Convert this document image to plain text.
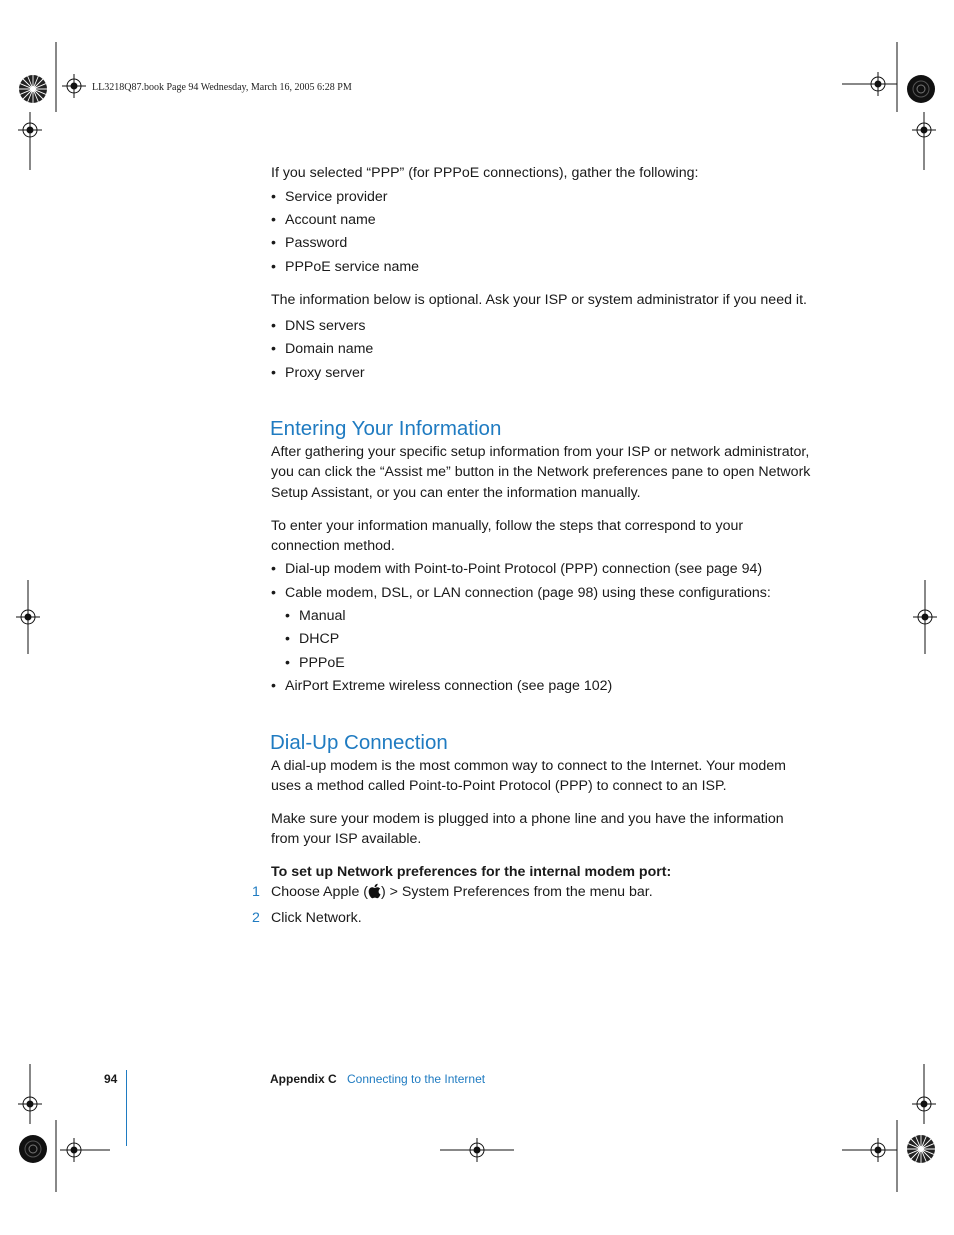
LL3218Q87.book Page 94 Wednesday, March 16, 2005 6:28 PM
If you selected “PPP” (for PPPoE connections), gather the following:
• Service provider
• Account name
• Password
• PPPoE service name
The information below is optional. Ask your ISP or system administrator if you need it.
• DNS servers
• Domain name
• Proxy server
Entering Your Information
After gathering your specific setup information from your ISP or network administrator, you can click the “Assist me” button in the Network preferences pane to open Network Setup Assistant, or you can enter the information manually.
To enter your information manually, follow the steps that correspond to your connection method.
• Dial-up modem with Point-to-Point Protocol (PPP) connection (see page 94)
• Cable modem, DSL, or LAN connection (page 98) using these configurations:
• Manual
• DHCP
• PPPoE
• AirPort Extreme wireless connection (see page 102)
Dial-Up Connection
A dial-up modem is the most common way to connect to the Internet. Your modem uses a method called Point-to-Point Protocol (PPP) to connect to an ISP.
Make sure your modem is plugged into a phone line and you have the information from your ISP available.
To set up Network preferences for the internal modem port:
1 Choose Apple ( ) > System Preferences from the menu bar.
2 Click Network.
94	Appendix C Connecting to the Internet
